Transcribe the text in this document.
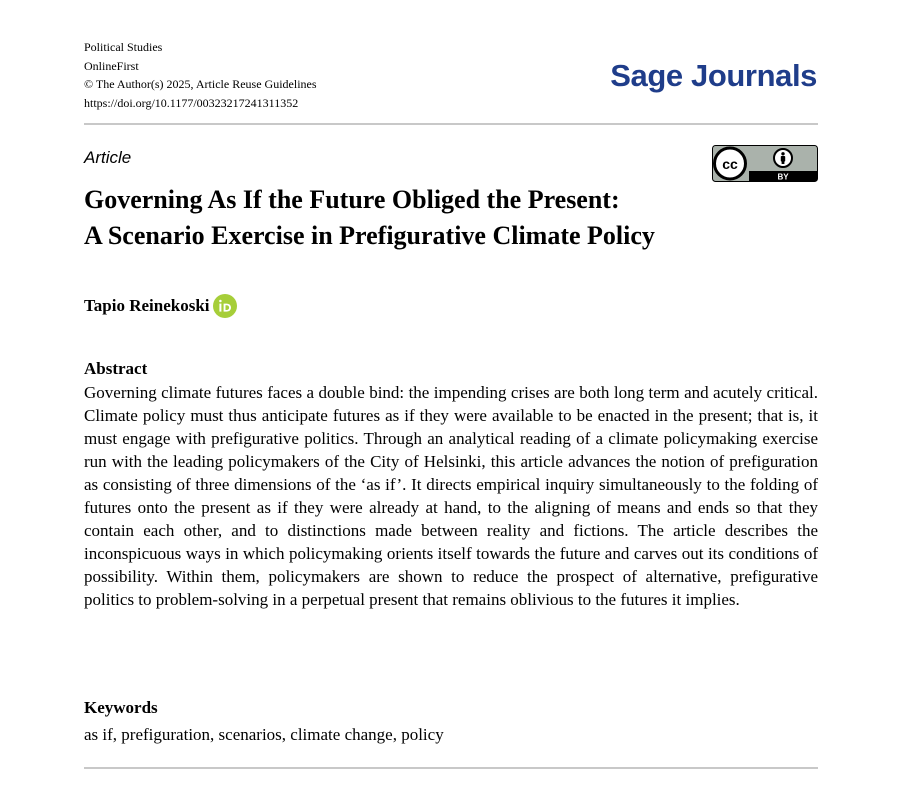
Political Studies
OnlineFirst
© The Author(s) 2025, Article Reuse Guidelines
https://doi.org/10.1177/00323217241311352
Sage Journals
Article	cc
BY
Governing As If the Future Obliged the Present:
A Scenario Exercise in Prefigurative Climate Policy
Tapio Reinekoski
Abstract

Governing climate futures faces a double bind: the impending crises are both long term and acutely critical. Climate policy must thus anticipate futures as if they were available to be enacted in the present; that is, it must engage with prefigurative politics. Through an analytical reading of a climate policymaking exercise run with the leading policymakers of the City of Helsinki, this article advances the notion of prefiguration as consisting of three dimensions of the ‘as if’. It directs empirical inquiry simultaneously to the folding of futures onto the present as if they were already at hand, to the aligning of means and ends so that they contain each other, and to distinctions made between reality and fictions. The article describes the inconspicuous ways in which policymaking orients itself towards the future and carves out its conditions of possibility. Within them, policymakers are shown to reduce the prospect of alternative, prefigurative politics to problem-solving in a perpetual present that remains oblivious to the futures it implies.

Keywords
as if, prefiguration, scenarios, climate change, policy
